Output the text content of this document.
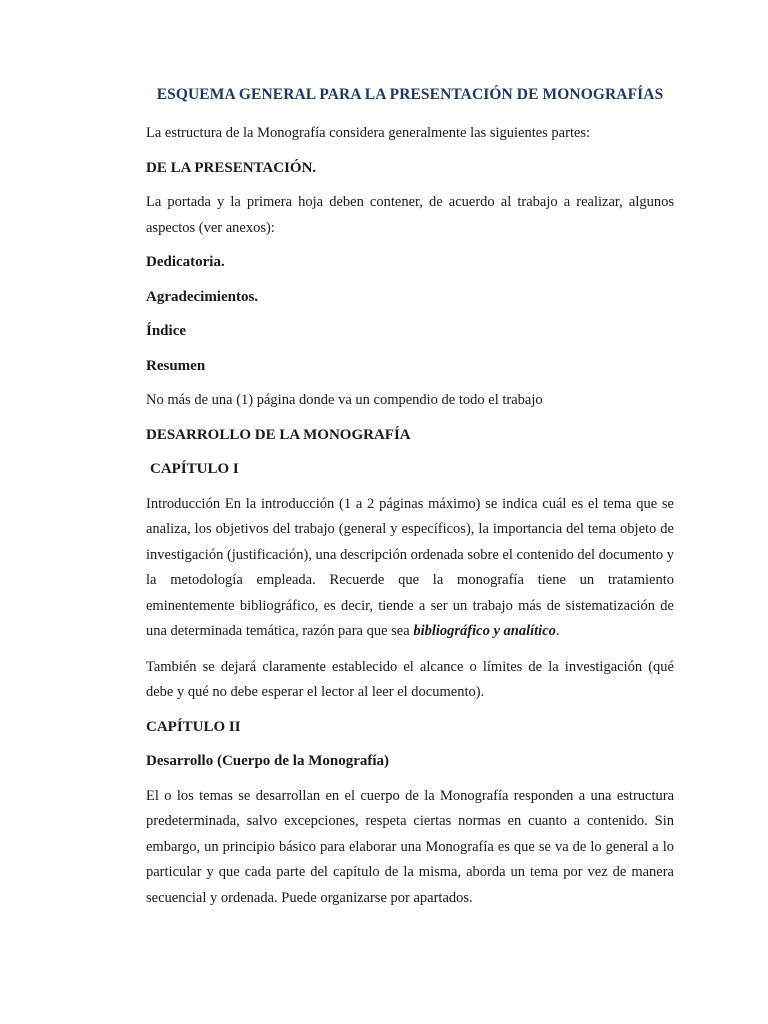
ESQUEMA GENERAL PARA LA PRESENTACIÓN DE MONOGRAFÍAS

La estructura de la Monografía considera generalmente las siguientes partes:

DE LA PRESENTACIÓN.

La portada y la primera hoja deben contener, de acuerdo al trabajo a realizar, algunos aspectos (ver anexos):

Dedicatoria.

Agradecimientos.

Índice

Resumen

No más de una (1) página donde va un compendio de todo el trabajo

DESARROLLO DE LA MONOGRAFÍA

CAPÍTULO I

Introducción En la introducción (1 a 2 páginas máximo) se indica cuál es el tema que se analiza, los objetivos del trabajo (general y específicos), la importancia del tema objeto de investigación (justificación), una descripción ordenada sobre el contenido del documento y la metodología empleada. Recuerde que la monografía tiene un tratamiento eminentemente bibliográfico, es decir, tiende a ser un trabajo más de sistematización de una determinada temática, razón para que sea bibliográfico y analítico.

También se dejará claramente establecido el alcance o límites de la investigación (qué debe y qué no debe esperar el lector al leer el documento).

CAPÍTULO II

Desarrollo (Cuerpo de la Monografía)

El o los temas se desarrollan en el cuerpo de la Monografía responden a una estructura predeterminada, salvo excepciones, respeta ciertas normas en cuanto a contenido. Sin embargo, un principio básico para elaborar una Monografía es que se va de lo general a lo particular y que cada parte del capítulo de la misma, aborda un tema por vez de manera secuencial y ordenada. Puede organizarse por apartados.
